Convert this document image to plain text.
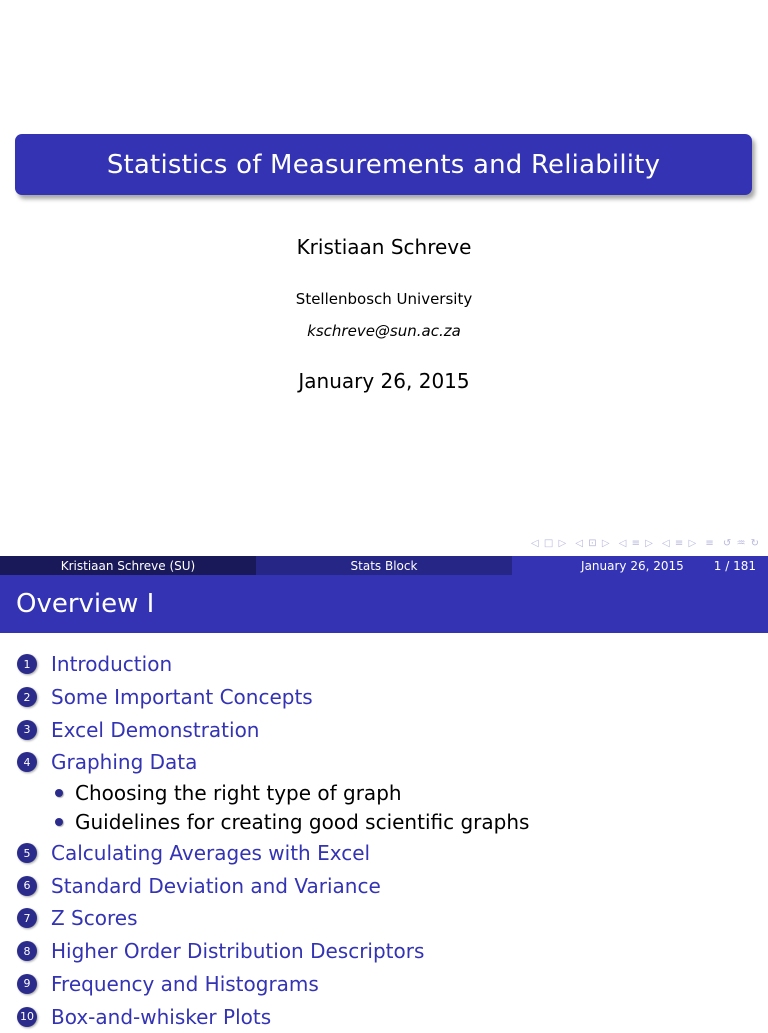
Statistics of Measurements and Reliability
Kristiaan Schreve
Stellenbosch University
kschreve@sun.ac.za
January 26, 2015
◁ □ ▷ ◁ ⊡ ▷ ◁ ≡ ▷ ◁ ≡ ▷ ≡ ↺ ♒ ↻
Kristiaan Schreve (SU)	Stats Block	January 26, 2015	1 / 181
Overview I
1	Introduction
2	Some Important Concepts
3	Excel Demonstration
4	Graphing Data
Choosing the right type of graph
Guidelines for creating good scientific graphs
5	Calculating Averages with Excel
6	Standard Deviation and Variance
7	Z Scores
8	Higher Order Distribution Descriptors
9	Frequency and Histograms
10 Box-and-whisker Plots
